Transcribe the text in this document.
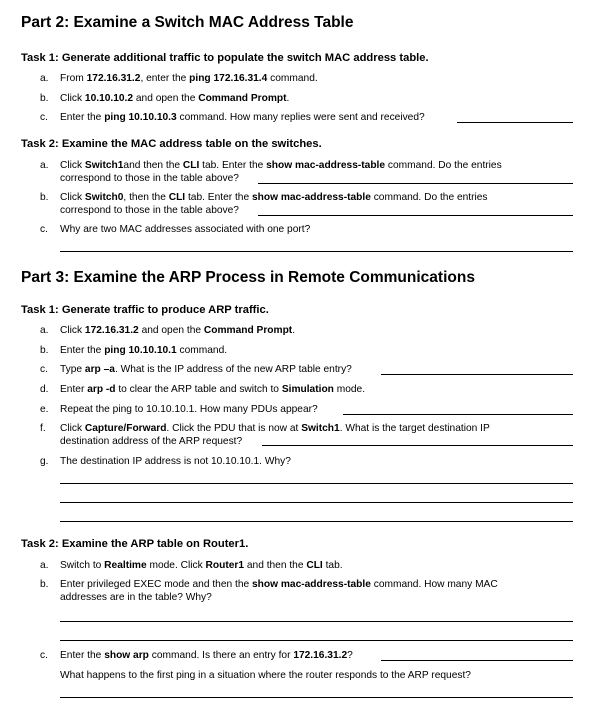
Part 2: Examine a Switch MAC Address Table
Task 1: Generate additional traffic to populate the switch MAC address table.
a.	From 172.16.31.2, enter the ping 172.16.31.4 command.
b.	Click 10.10.10.2 and open the Command Prompt.
c.	Enter the ping 10.10.10.3 command. How many replies were sent and received?
Task 2: Examine the MAC address table on the switches.
a.	Click Switch1and then the CLI tab. Enter the show mac-address-table command. Do the entries
correspond to those in the table above?
b.	Click Switch0, then the CLI tab. Enter the show mac-address-table command. Do the entries
correspond to those in the table above?
c.	Why are two MAC addresses associated with one port?
Part 3: Examine the ARP Process in Remote Communications
Task 1: Generate traffic to produce ARP traffic.
a.	Click 172.16.31.2 and open the Command Prompt.
b.	Enter the ping 10.10.10.1 command.
c.	Type arp –a. What is the IP address of the new ARP table entry?
d.	Enter arp -d to clear the ARP table and switch to Simulation mode.
e.	Repeat the ping to 10.10.10.1. How many PDUs appear?
f.	Click Capture/Forward. Click the PDU that is now at Switch1. What is the target destination IP
destination address of the ARP request?
g.	The destination IP address is not 10.10.10.1. Why?
Task 2: Examine the ARP table on Router1.
a.	Switch to Realtime mode. Click Router1 and then the CLI tab.
b.	Enter privileged EXEC mode and then the show mac-address-table command. How many MAC
addresses are in the table? Why?
c.	Enter the show arp command. Is there an entry for 172.16.31.2?
What happens to the first ping in a situation where the router responds to the ARP request?
